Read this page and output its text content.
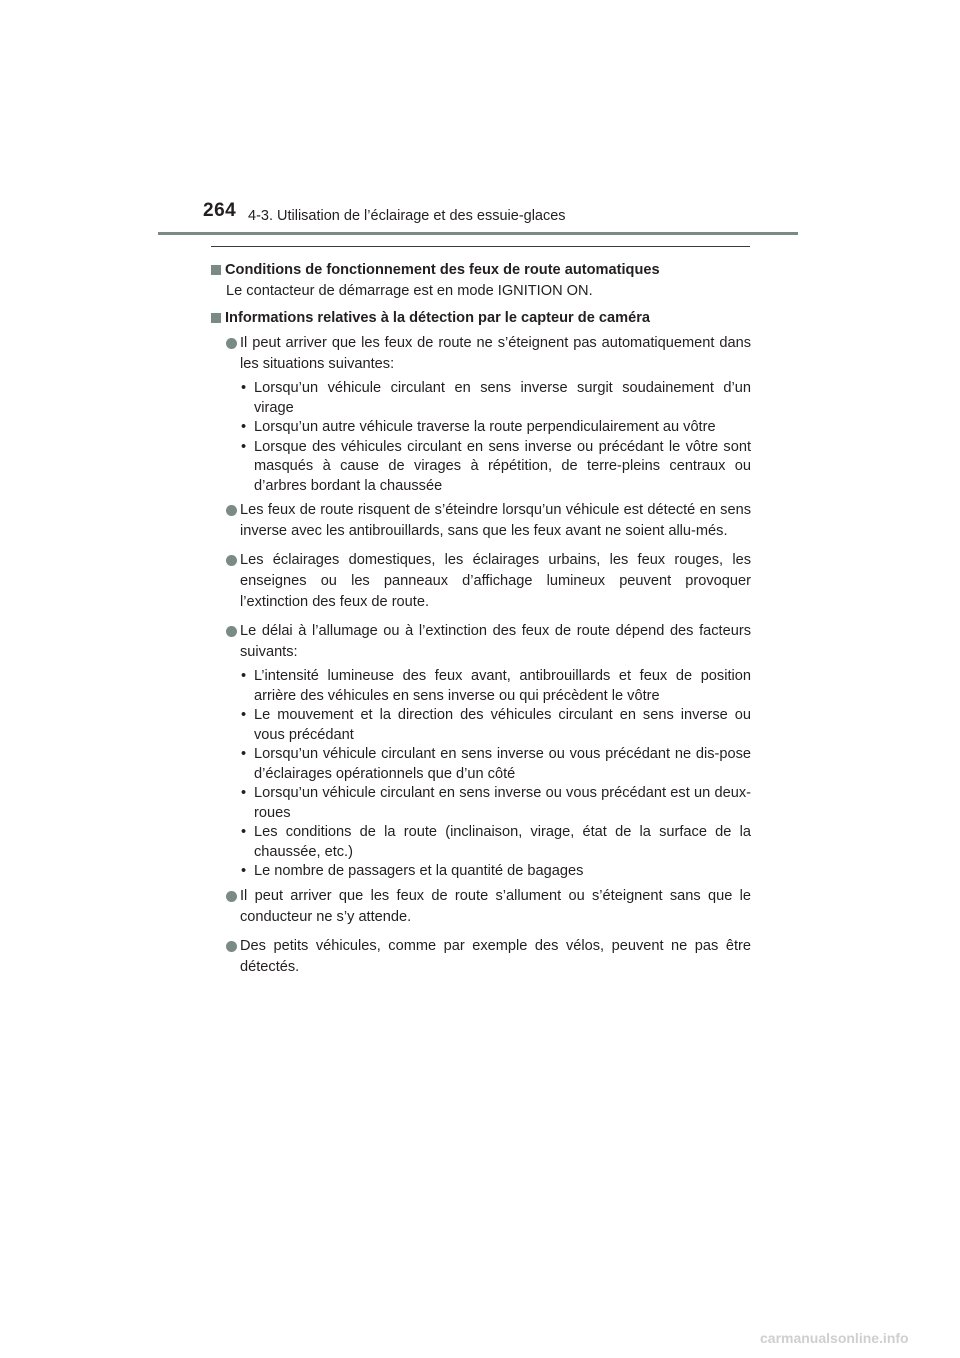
264 4-3. Utilisation de l’éclairage et des essuie-glaces
Conditions de fonctionnement des feux de route automatiques
Le contacteur de démarrage est en mode IGNITION ON.
Informations relatives à la détection par le capteur de caméra
Il peut arriver que les feux de route ne s’éteignent pas automatiquement dans les situations suivantes:
• Lorsqu’un véhicule circulant en sens inverse surgit soudainement d’un virage
• Lorsqu’un autre véhicule traverse la route perpendiculairement au vôtre
• Lorsque des véhicules circulant en sens inverse ou précédant le vôtre sont masqués à cause de virages à répétition, de terre-pleins centraux ou d’arbres bordant la chaussée
Les feux de route risquent de s’éteindre lorsqu’un véhicule est détecté en sens inverse avec les antibrouillards, sans que les feux avant ne soient allu-més.
Les éclairages domestiques, les éclairages urbains, les feux rouges, les enseignes ou les panneaux d’affichage lumineux peuvent provoquer l’extinction des feux de route.
Le délai à l’allumage ou à l’extinction des feux de route dépend des facteurs suivants:
• L’intensité lumineuse des feux avant, antibrouillards et feux de position arrière des véhicules en sens inverse ou qui précèdent le vôtre
• Le mouvement et la direction des véhicules circulant en sens inverse ou vous précédant
• Lorsqu’un véhicule circulant en sens inverse ou vous précédant ne dis-pose d’éclairages opérationnels que d’un côté
• Lorsqu’un véhicule circulant en sens inverse ou vous précédant est un deux-roues
• Les conditions de la route (inclinaison, virage, état de la surface de la chaussée, etc.)
• Le nombre de passagers et la quantité de bagages
Il peut arriver que les feux de route s’allument ou s’éteignent sans que le conducteur ne s’y attende.
Des petits véhicules, comme par exemple des vélos, peuvent ne pas être détectés.
carmanualsonline.info
